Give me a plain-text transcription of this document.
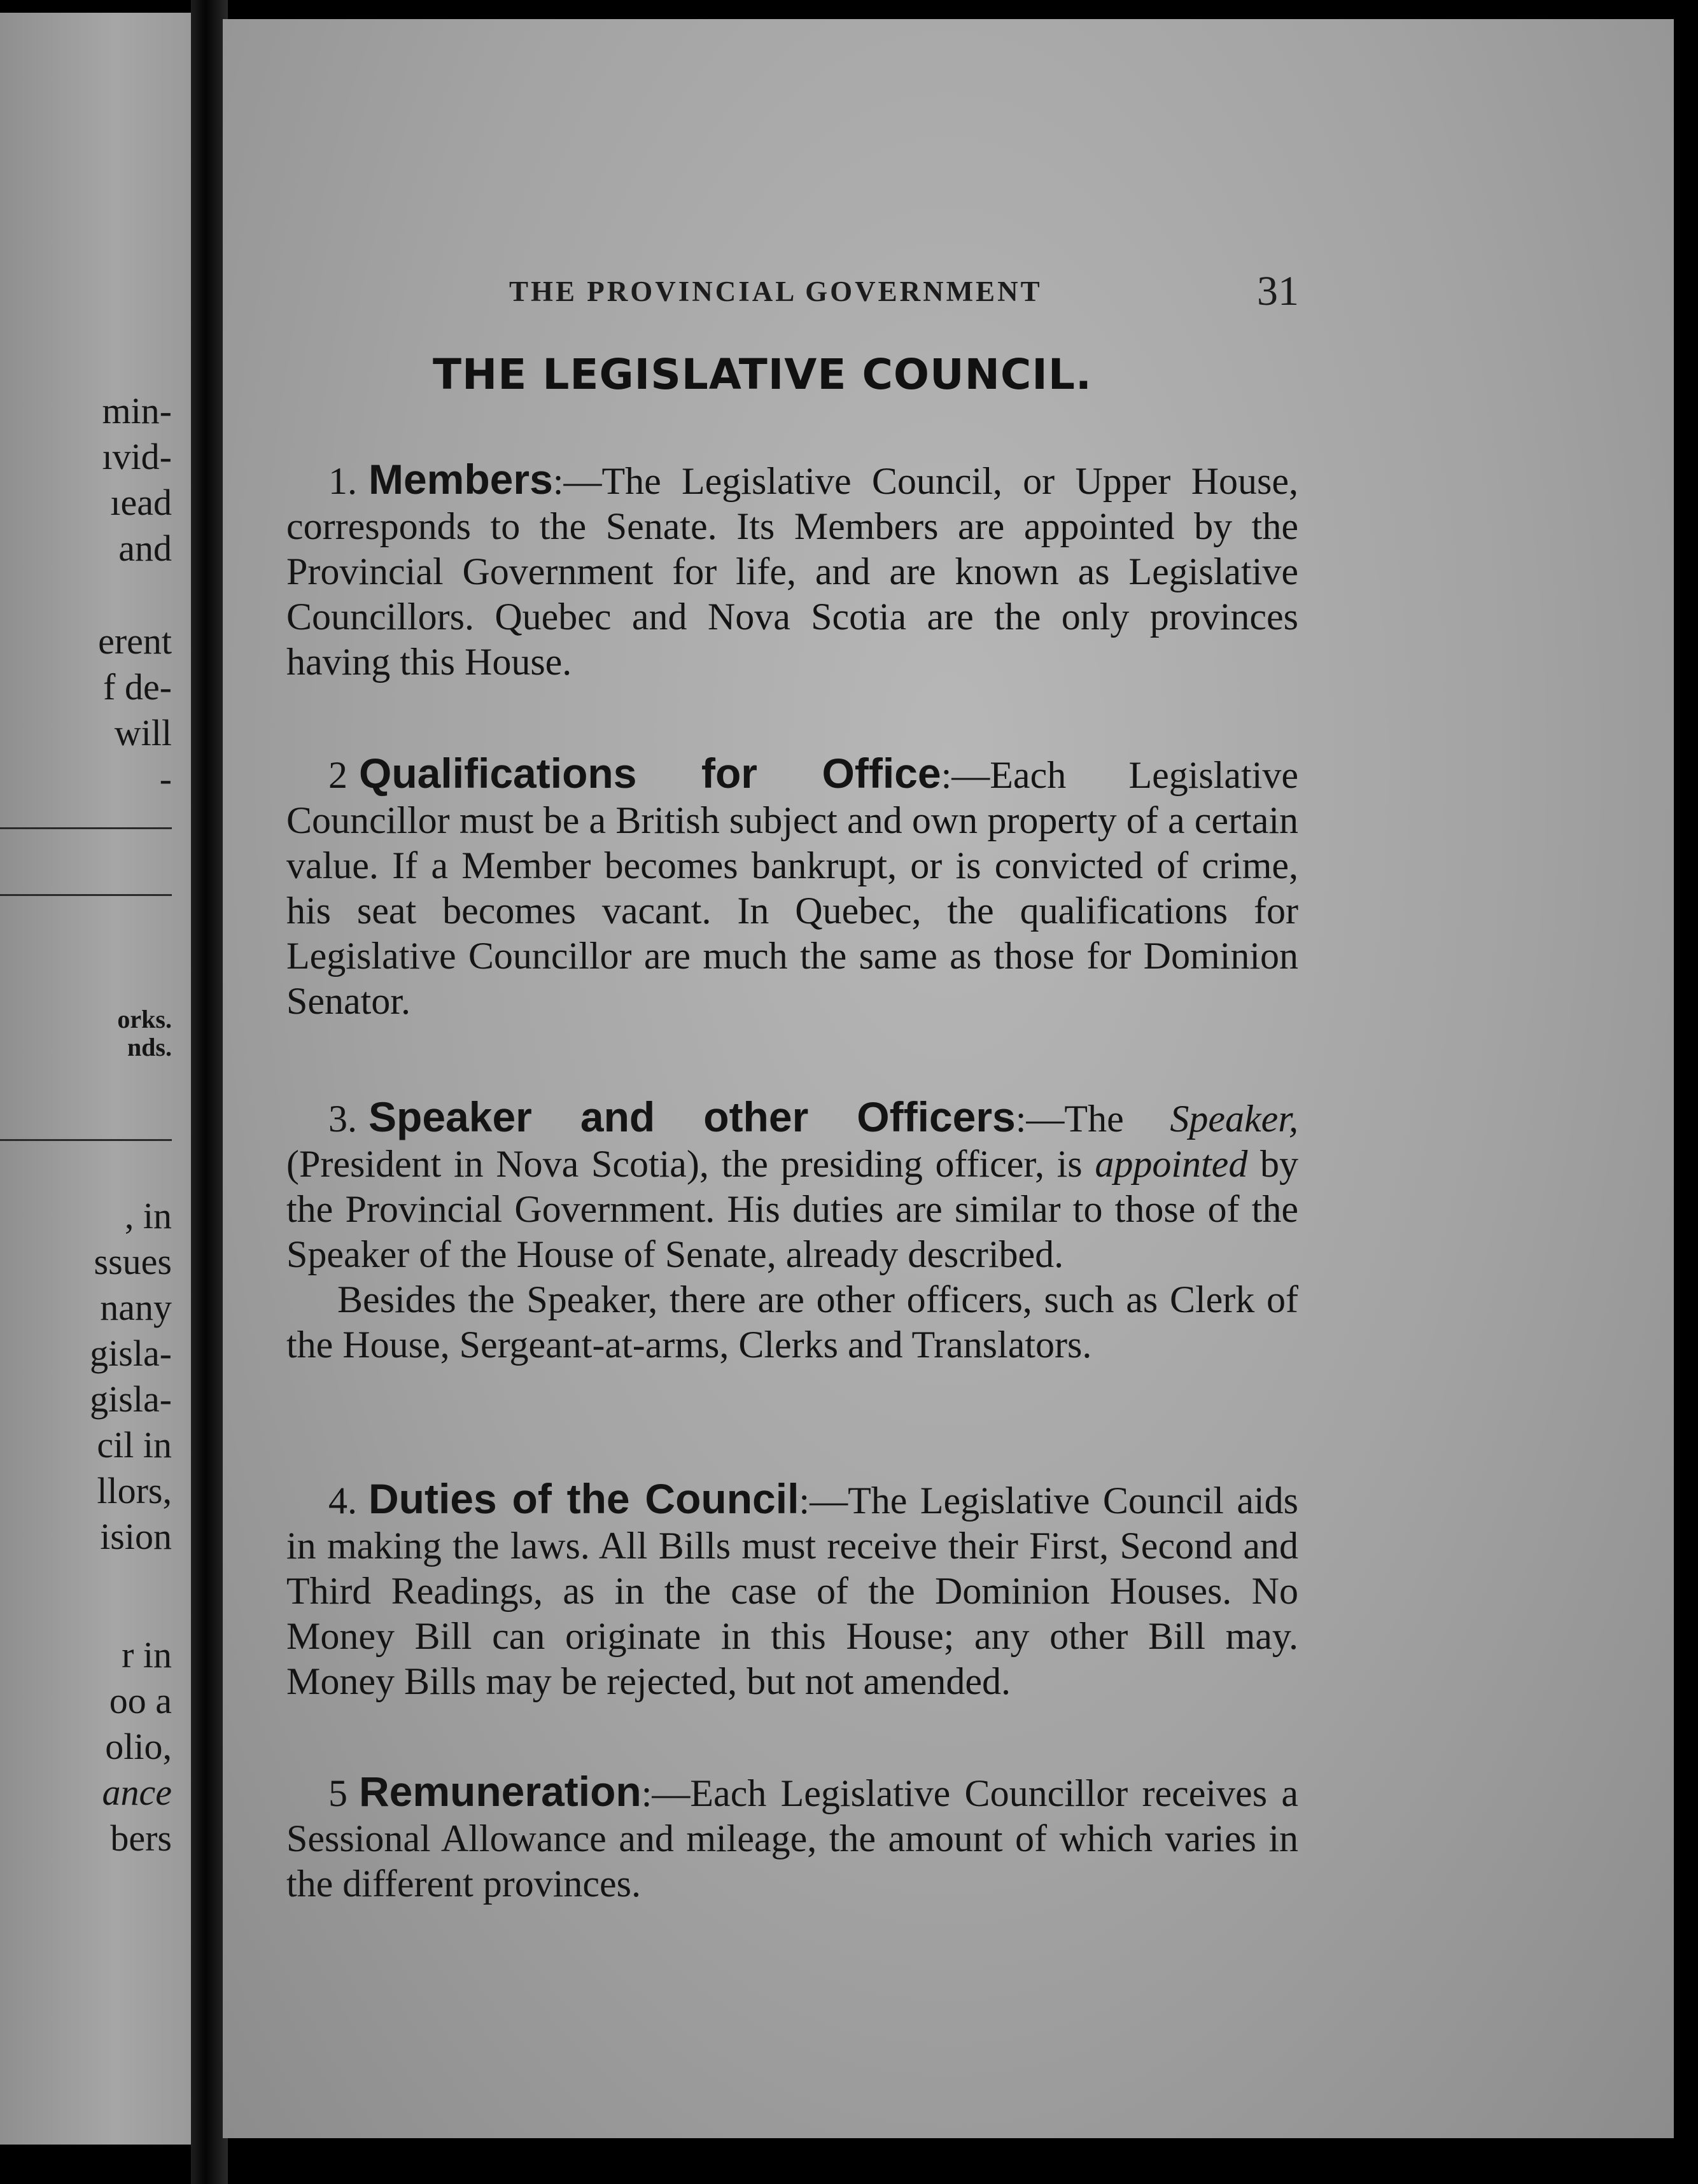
min-
ıvid-
ıead
and
erent
f de-
will
-
orks.
nds.
, in
ssues
nany
gisla-
gisla-
cil in
llors,
ision
r in
oo a
olio,
ance
bers
THE PROVINCIAL GOVERNMENT	31
THE LEGISLATIVE COUNCIL.

1. Members:—The Legislative Council, or Upper House, corresponds to the Senate. Its Members are appointed by the Provincial Government for life, and are known as Legislative Councillors. Quebec and Nova Scotia are the only provinces having this House.

2 Qualifications for Office:—Each Legislative Councillor must be a British subject and own property of a certain value. If a Member becomes bankrupt, or is convicted of crime, his seat becomes vacant. In Quebec, the qualifications for Legislative Councillor are much the same as those for Dominion Senator.

3. Speaker and other Officers:—The Speaker, (President in Nova Scotia), the presiding officer, is appointed by the Provincial Government. His duties are similar to those of the Speaker of the House of Senate, already described.

Besides the Speaker, there are other officers, such as Clerk of the House, Sergeant-at-arms, Clerks and Translators.

4. Duties of the Council:—The Legislative Council aids in making the laws. All Bills must receive their First, Second and Third Readings, as in the case of the Dominion Houses. No Money Bill can originate in this House; any other Bill may. Money Bills may be rejected, but not amended.

5 Remuneration:—Each Legislative Councillor receives a Sessional Allowance and mileage, the amount of which varies in the different provinces.
